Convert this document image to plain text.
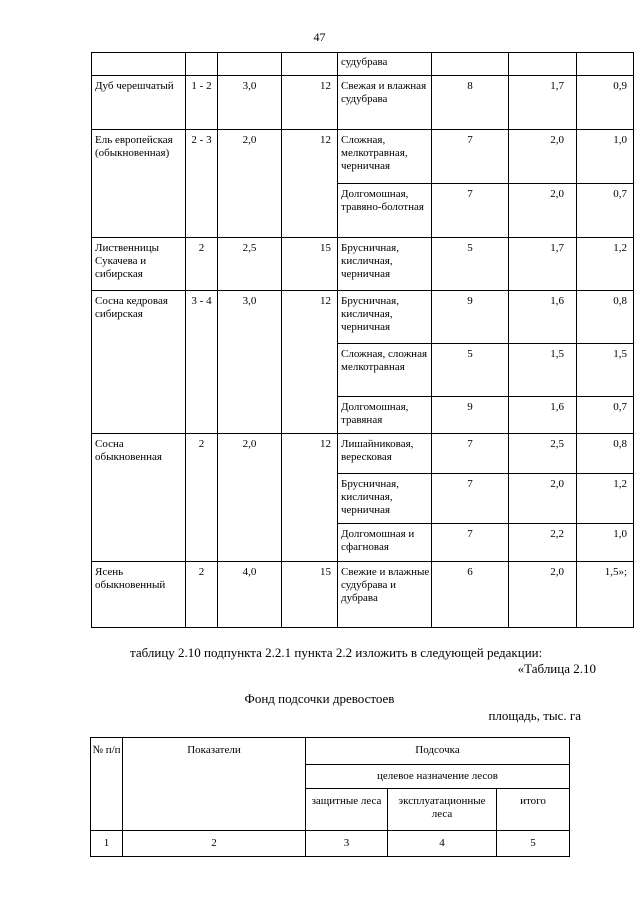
47
				судубрава			
Дуб черешчатый	1 - 2	3,0	12	Свежая и влажная судубрава	8	1,7	0,9
Ель европейская (обыкновенная)	2 - 3	2,0	12	Сложная, мелкотравная, черничная	7	2,0	1,0
				Долгомошная, травяно-болотная	7	2,0	0,7
Лиственницы Сукачева и сибирская	2	2,5	15	Брусничная, кисличная, черничная	5	1,7	1,2
Сосна кедровая сибирская	3 - 4	3,0	12	Брусничная, кисличная, черничная	9	1,6	0,8
				Сложная, сложная мелкотравная	5	1,5	1,5
				Долгомошная, травяная	9	1,6	0,7
Сосна обыкновенная	2	2,0	12	Лишайниковая, вересковая	7	2,5	0,8
				Брусничная, кисличная, черничная	7	2,0	1,2
				Долгомошная и сфагновая	7	2,2	1,0
Ясень обыкновенный	2	4,0	15	Свежие и влажные судубрава и дубрава	6	2,0	1,5»;
таблицу 2.10 подпункта 2.2.1 пункта 2.2 изложить в следующей редакции:
«Таблица 2.10
Фонд подсочки древостоев
площадь, тыс. га
№ п/п	Показатели	Подсочка		
		целевое назначение лесов		
		защитные леса	эксплуатационные леса	итого
1	2	3	4	5
